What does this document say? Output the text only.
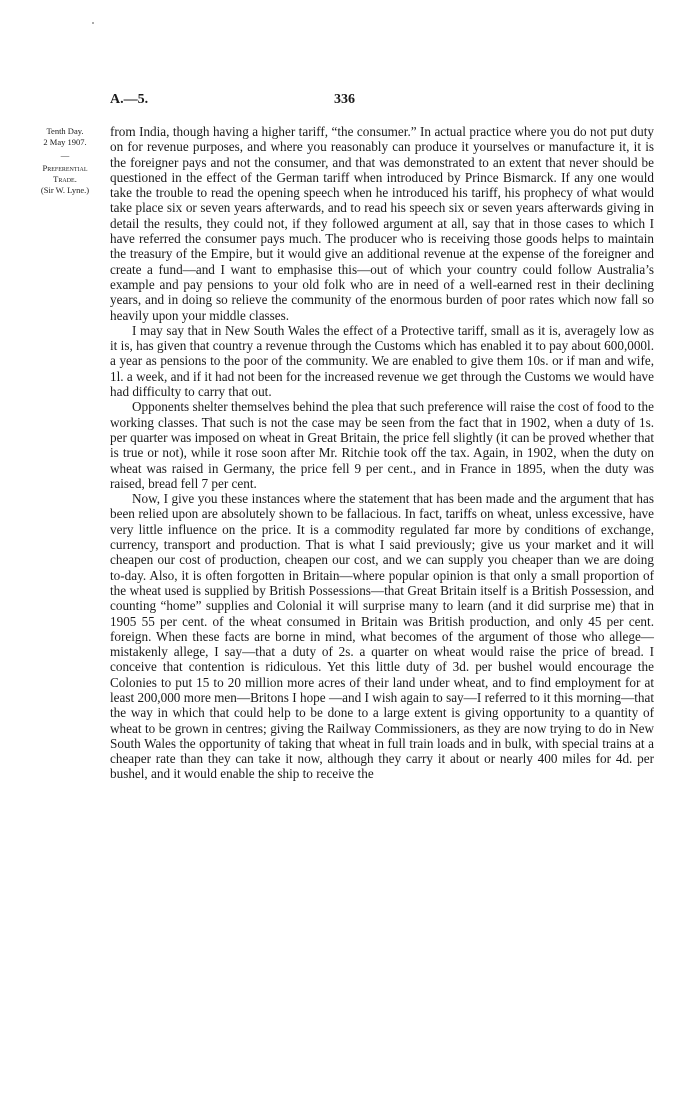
A.—5.	336
Tenth Day.
2 May 1907.
—
Preferential
Trade.
(Sir W. Lyne.)

from India, though having a higher tariff, “the consumer.” In actual practice where you do not put duty on for revenue purposes, and where you reasonably can produce it yourselves or manufacture it, it is the foreigner pays and not the consumer, and that was demonstrated to an extent that never should be questioned in the effect of the German tariff when introduced by Prince Bismarck. If any one would take the trouble to read the opening speech when he introduced his tariff, his prophecy of what would take place six or seven years afterwards, and to read his speech six or seven years afterwards giving in detail the results, they could not, if they followed argument at all, say that in those cases to which I have referred the consumer pays much. The producer who is receiving those goods helps to maintain the treasury of the Empire, but it would give an additional revenue at the expense of the foreigner and create a fund—and I want to emphasise this—out of which your country could follow Australia’s example and pay pensions to your old folk who are in need of a well-earned rest in their declining years, and in doing so relieve the community of the enormous burden of poor rates which now fall so heavily upon your middle classes.

I may say that in New South Wales the effect of a Protective tariff, small as it is, averagely low as it is, has given that country a revenue through the Customs which has enabled it to pay about 600,000l. a year as pensions to the poor of the community. We are enabled to give them 10s. or if man and wife, 1l. a week, and if it had not been for the increased revenue we get through the Customs we would have had difficulty to carry that out.

Opponents shelter themselves behind the plea that such preference will raise the cost of food to the working classes. That such is not the case may be seen from the fact that in 1902, when a duty of 1s. per quarter was imposed on wheat in Great Britain, the price fell slightly (it can be proved whether that is true or not), while it rose soon after Mr. Ritchie took off the tax. Again, in 1902, when the duty on wheat was raised in Germany, the price fell 9 per cent., and in France in 1895, when the duty was raised, bread fell 7 per cent.

Now, I give you these instances where the statement that has been made and the argument that has been relied upon are absolutely shown to be fallacious. In fact, tariffs on wheat, unless excessive, have very little influence on the price. It is a commodity regulated far more by conditions of exchange, currency, transport and production. That is what I said previously; give us your market and it will cheapen our cost of production, cheapen our cost, and we can supply you cheaper than we are doing to-day. Also, it is often forgotten in Britain—where popular opinion is that only a small proportion of the wheat used is supplied by British Possessions—that Great Britain itself is a British Possession, and counting “home” supplies and Colonial it will surprise many to learn (and it did surprise me) that in 1905 55 per cent. of the wheat consumed in Britain was British production, and only 45 per cent. foreign. When these facts are borne in mind, what becomes of the argument of those who allege—mistakenly allege, I say—that a duty of 2s. a quarter on wheat would raise the price of bread. I conceive that contention is ridiculous. Yet this little duty of 3d. per bushel would encourage the Colonies to put 15 to 20 million more acres of their land under wheat, and to find employment for at least 200,000 more men—Britons I hope —and I wish again to say—I referred to it this morning—that the way in which that could help to be done to a large extent is giving opportunity to a quantity of wheat to be grown in centres; giving the Railway Commissioners, as they are now trying to do in New South Wales the opportunity of taking that wheat in full train loads and in bulk, with special trains at a cheaper rate than they can take it now, although they carry it about or nearly 400 miles for 4d. per bushel, and it would enable the ship to receive the
